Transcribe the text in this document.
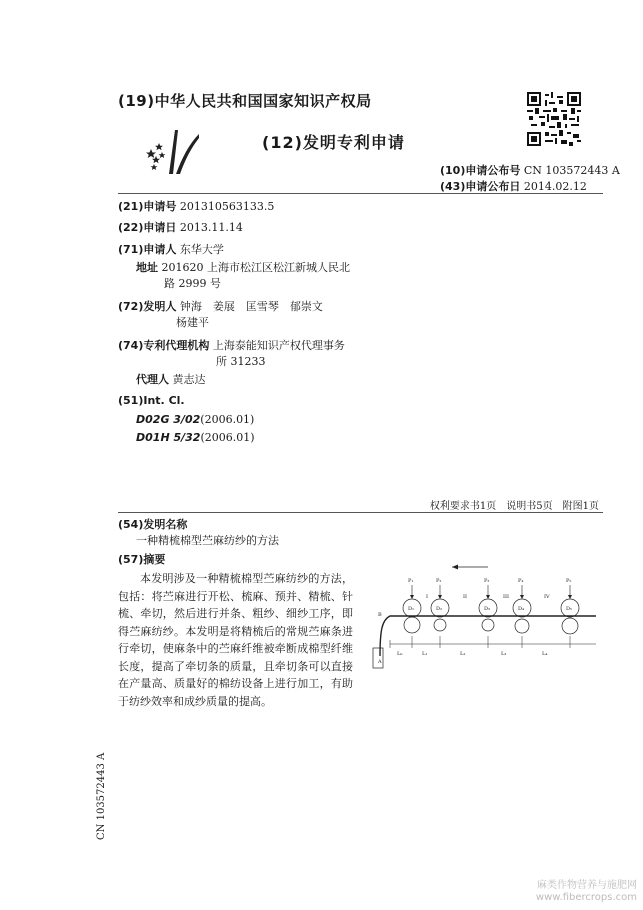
(19)中华人民共和国国家知识产权局
(12)发明专利申请
(10)申请公布号 CN 103572443 A
(43)申请公布日 2014.02.12
(21)申请号 201310563133.5
(22)申请日 2013.11.14
(71)申请人 东华大学
地址 201620 上海市松江区松江新城人民北
路 2999 号
(72)发明人 钟海　姜展　匡雪琴　郁崇文
杨建平
(74)专利代理机构 上海泰能知识产权代理事务
所 31233
代理人 黄志达
(51)Int. Cl.
D02G 3/02(2006.01)
D01H 5/32(2006.01)
权利要求书1页　说明书5页　附图1页
(54)发明名称
一种精梳棉型苎麻纺纱的方法
(57)摘要
本发明涉及一种精梳棉型苎麻纺纱的方法，包括：将苎麻进行开松、梳麻、预并、精梳、针梳、牵切，然后进行并条、粗纱、细纱工序，即得苎麻纺纱。本发明是将精梳后的常规苎麻条进行牵切，使麻条中的苎麻纤维被牵断成棉型纤维长度，提高了牵切条的质量，且牵切条可以直接在产量高、质量好的棉纺设备上进行加工，有助于纺纱效率和成纱质量的提高。
P₁	P₂	P₃	P₄	P₅
D₁	D₂	D₃	D₄	D₅
I	II	III	IV
B
A
L₀	L₁	L₂	L₃	L₄
CN 103572443 A
麻类作物营养与施肥网
www.fibercrops.com
